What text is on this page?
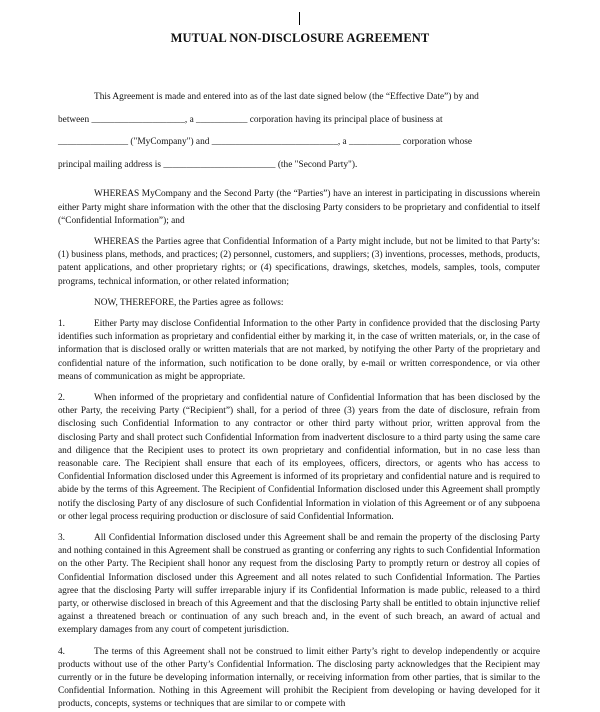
MUTUAL NON-DISCLOSURE AGREEMENT

This Agreement is made and entered into as of the last date signed below (the “Effective Date”) by and

between ____________________, a ___________ corporation having its principal place of business at

_______________ ("MyCompany") and ___________________________, a ___________ corporation whose

principal mailing address is ________________________ (the "Second Party").

WHEREAS MyCompany and the Second Party (the “Parties”) have an interest in participating in discussions wherein either Party might share information with the other that the disclosing Party considers to be proprietary and confidential to itself (“Confidential Information”); and

WHEREAS the Parties agree that Confidential Information of a Party might include, but not be limited to that Party’s: (1) business plans, methods, and practices; (2) personnel, customers, and suppliers; (3) inventions, processes, methods, products, patent applications, and other proprietary rights; or (4) specifications, drawings, sketches, models, samples, tools, computer programs, technical information, or other related information;

NOW, THEREFORE, the Parties agree as follows:

1.	Either Party may disclose Confidential Information to the other Party in confidence provided that the disclosing Party identifies such information as proprietary and confidential either by marking it, in the case of written materials, or, in the case of information that is disclosed orally or written materials that are not marked, by notifying the other Party of the proprietary and confidential nature of the information, such notification to be done orally, by e-mail or written correspondence, or via other means of communication as might be appropriate.

2.	When informed of the proprietary and confidential nature of Confidential Information that has been disclosed by the other Party, the receiving Party (“Recipient”) shall, for a period of three (3) years from the date of disclosure, refrain from disclosing such Confidential Information to any contractor or other third party without prior, written approval from the disclosing Party and shall protect such Confidential Information from inadvertent disclosure to a third party using the same care and diligence that the Recipient uses to protect its own proprietary and confidential information, but in no case less than reasonable care. The Recipient shall ensure that each of its employees, officers, directors, or agents who has access to Confidential Information disclosed under this Agreement is informed of its proprietary and confidential nature and is required to abide by the terms of this Agreement. The Recipient of Confidential Information disclosed under this Agreement shall promptly notify the disclosing Party of any disclosure of such Confidential Information in violation of this Agreement or of any subpoena or other legal process requiring production or disclosure of said Confidential Information.

3.	All Confidential Information disclosed under this Agreement shall be and remain the property of the disclosing Party and nothing contained in this Agreement shall be construed as granting or conferring any rights to such Confidential Information on the other Party. The Recipient shall honor any request from the disclosing Party to promptly return or destroy all copies of Confidential Information disclosed under this Agreement and all notes related to such Confidential Information. The Parties agree that the disclosing Party will suffer irreparable injury if its Confidential Information is made public, released to a third party, or otherwise disclosed in breach of this Agreement and that the disclosing Party shall be entitled to obtain injunctive relief against a threatened breach or continuation of any such breach and, in the event of such breach, an award of actual and exemplary damages from any court of competent jurisdiction.

4.	The terms of this Agreement shall not be construed to limit either Party’s right to develop independently or acquire products without use of the other Party’s Confidential Information. The disclosing party acknowledges that the Recipient may currently or in the future be developing information internally, or receiving information from other parties, that is similar to the Confidential Information. Nothing in this Agreement will prohibit the Recipient from developing or having developed for it products, concepts, systems or techniques that are similar to or compete with
